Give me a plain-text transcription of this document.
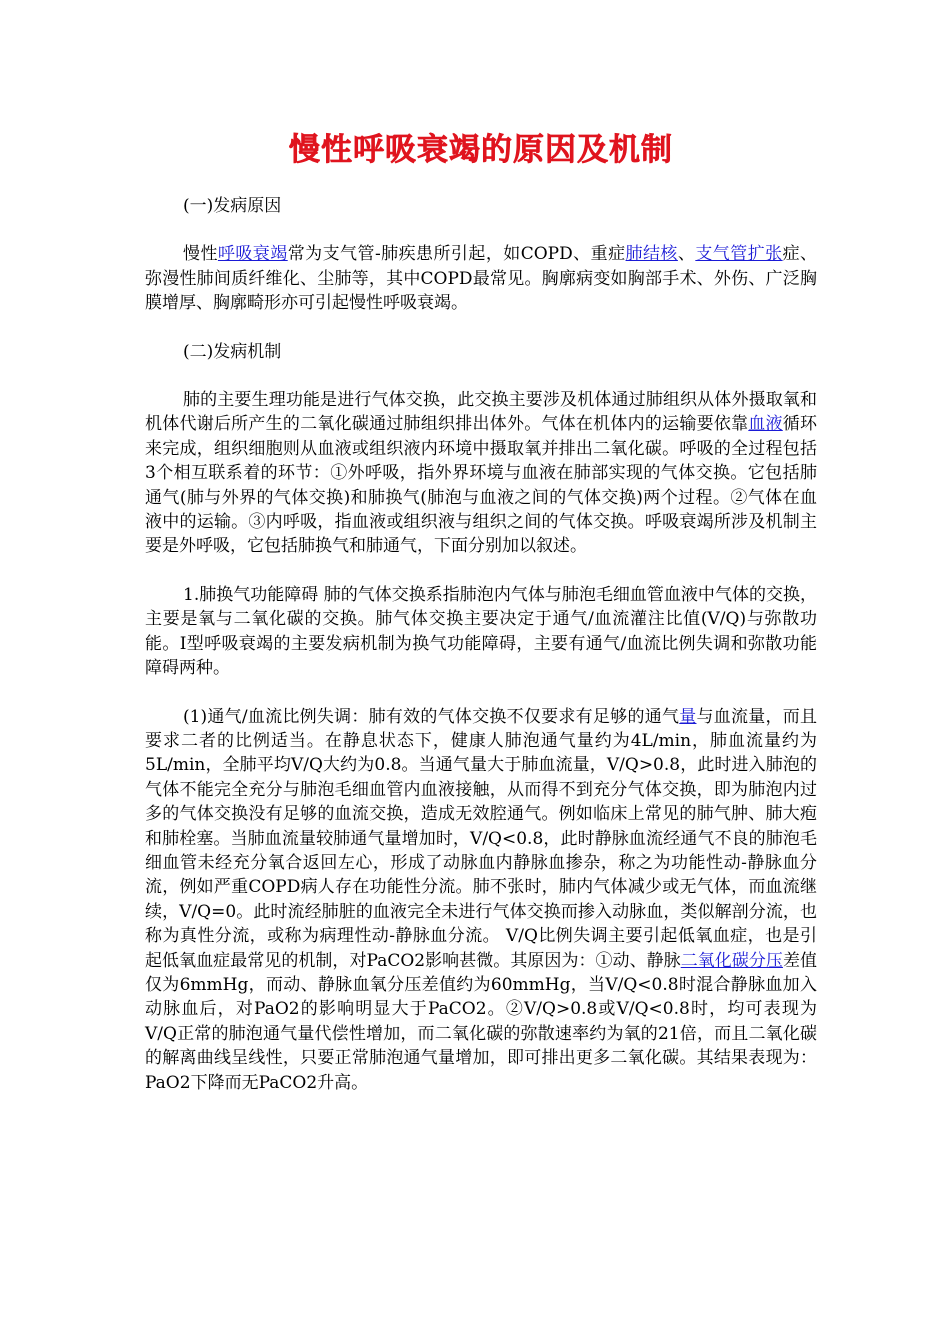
慢性呼吸衰竭的原因及机制

(一)发病原因

慢性呼吸衰竭常为支气管-肺疾患所引起，如COPD、重症肺结核、支气管扩张症、弥漫性肺间质纤维化、尘肺等，其中COPD最常见。胸廓病变如胸部手术、外伤、广泛胸膜增厚、胸廓畸形亦可引起慢性呼吸衰竭。

(二)发病机制

肺的主要生理功能是进行气体交换，此交换主要涉及机体通过肺组织从体外摄取氧和机体代谢后所产生的二氧化碳通过肺组织排出体外。气体在机体内的运输要依靠血液循环来完成，组织细胞则从血液或组织液内环境中摄取氧并排出二氧化碳。呼吸的全过程包括3个相互联系着的环节：①外呼吸，指外界环境与血液在肺部实现的气体交换。它包括肺通气(肺与外界的气体交换)和肺换气(肺泡与血液之间的气体交换)两个过程。②气体在血液中的运输。③内呼吸，指血液或组织液与组织之间的气体交换。呼吸衰竭所涉及机制主要是外呼吸，它包括肺换气和肺通气，下面分别加以叙述。

1.肺换气功能障碍 肺的气体交换系指肺泡内气体与肺泡毛细血管血液中气体的交换，主要是氧与二氧化碳的交换。肺气体交换主要决定于通气/血流灌注比值(V/Q)与弥散功能。Ⅰ型呼吸衰竭的主要发病机制为换气功能障碍，主要有通气/血流比例失调和弥散功能障碍两种。

(1)通气/血流比例失调：肺有效的气体交换不仅要求有足够的通气量与血流量，而且要求二者的比例适当。在静息状态下，健康人肺泡通气量约为4L/min，肺血流量约为5L/min，全肺平均V/Q大约为0.8。当通气量大于肺血流量，V/Q>0.8，此时进入肺泡的气体不能完全充分与肺泡毛细血管内血液接触，从而得不到充分气体交换，即为肺泡内过多的气体交换没有足够的血流交换，造成无效腔通气。例如临床上常见的肺气肿、肺大疱和肺栓塞。当肺血流量较肺通气量增加时，V/Q<0.8，此时静脉血流经通气不良的肺泡毛细血管未经充分氧合返回左心，形成了动脉血内静脉血掺杂，称之为功能性动-静脉血分流，例如严重COPD病人存在功能性分流。肺不张时，肺内气体减少或无气体，而血流继续，V/Q=0。此时流经肺脏的血液完全未进行气体交换而掺入动脉血，类似解剖分流，也称为真性分流，或称为病理性动-静脉血分流。 V/Q比例失调主要引起低氧血症，也是引起低氧血症最常见的机制，对PaCO2影响甚微。其原因为：①动、静脉二氧化碳分压差值仅为6mmHg，而动、静脉血氧分压差值约为60mmHg，当V/Q<0.8时混合静脉血加入动脉血后，对PaO2的影响明显大于PaCO2。②V/Q>0.8或V/Q<0.8时，均可表现为V/Q正常的肺泡通气量代偿性增加，而二氧化碳的弥散速率约为氧的21倍，而且二氧化碳的解离曲线呈线性，只要正常肺泡通气量增加，即可排出更多二氧化碳。其结果表现为：PaO2下降而无PaCO2升高。
